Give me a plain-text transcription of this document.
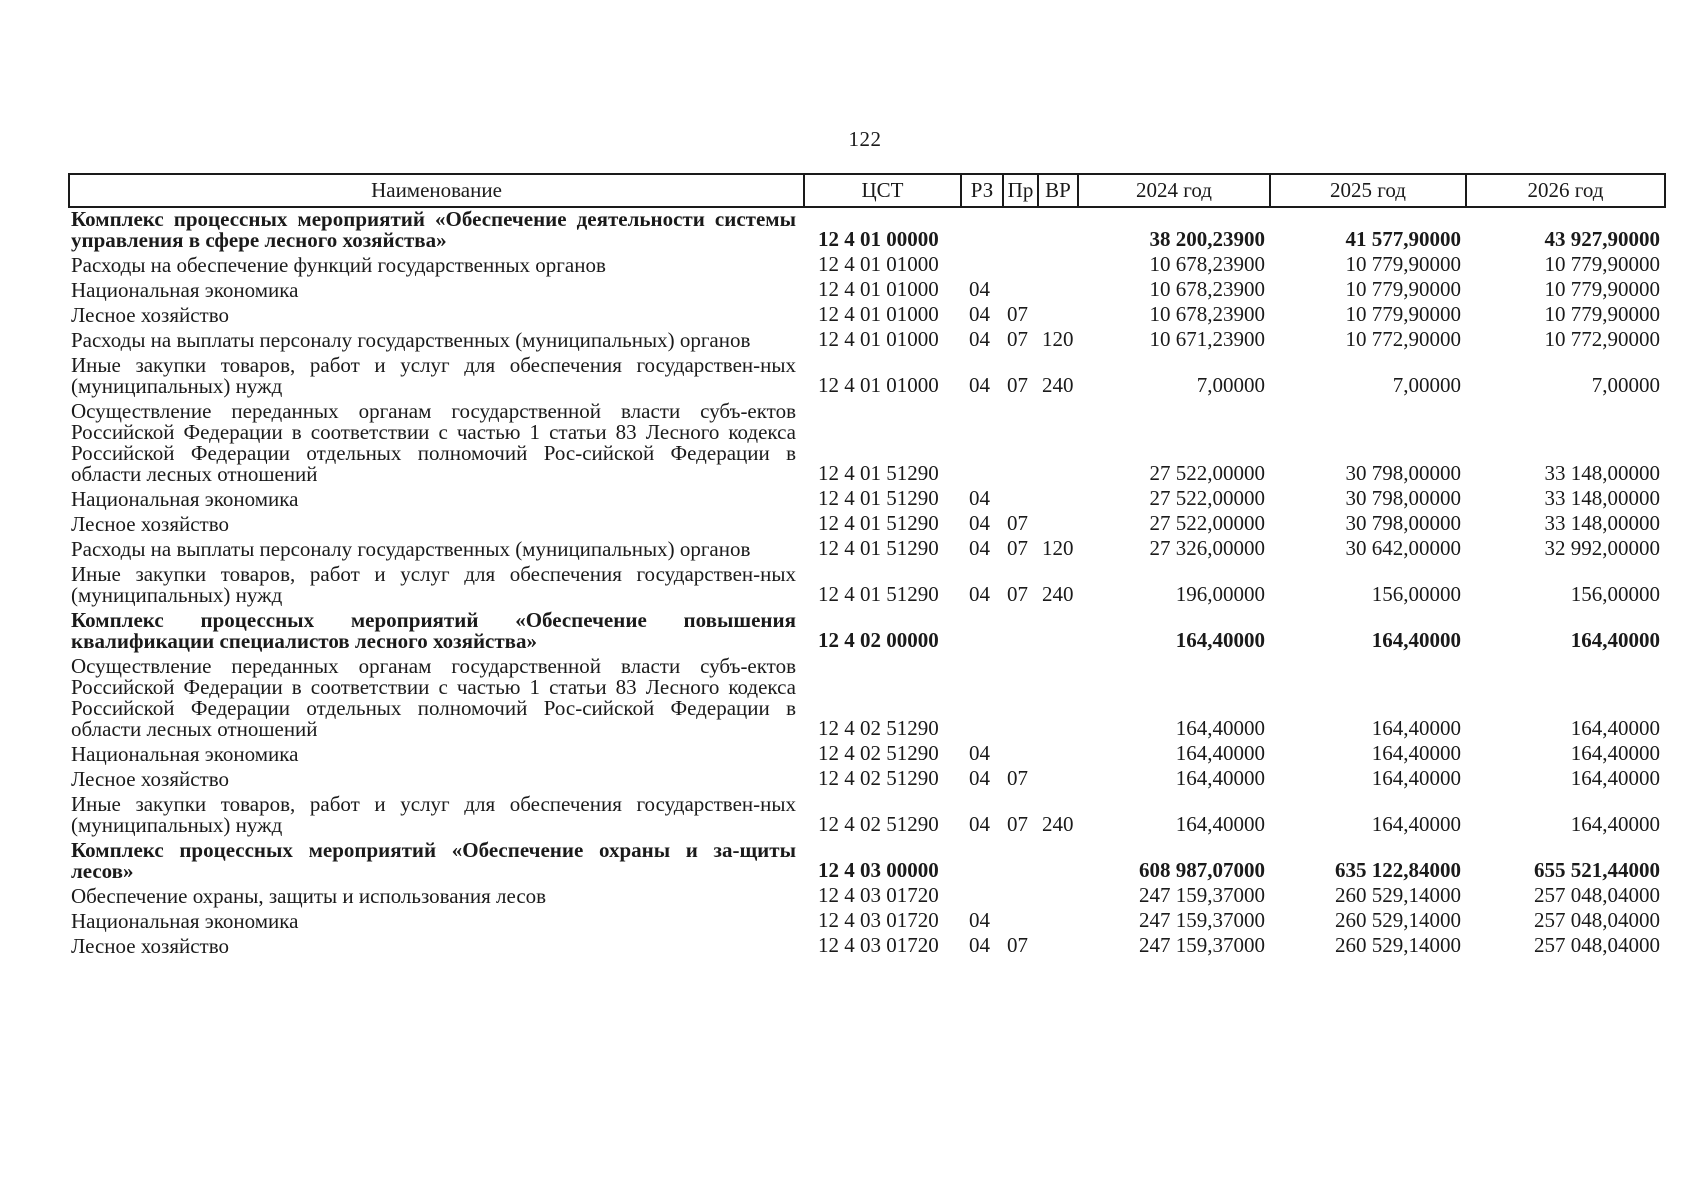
122
Наименование	ЦСТ	РЗ	Пр	ВР	2024 год	2025 год	2026 год
Комплекс процессных мероприятий «Обеспечение деятельности системы управления в сфере лесного хозяйства»	12 4 01 00000				38 200,23900	41 577,90000	43 927,90000
Расходы на обеспечение функций государственных органов	12 4 01 01000				10 678,23900	10 779,90000	10 779,90000
Национальная экономика	12 4 01 01000	04			10 678,23900	10 779,90000	10 779,90000
Лесное хозяйство	12 4 01 01000	04	07		10 678,23900	10 779,90000	10 779,90000
Расходы на выплаты персоналу государственных (муниципальных) органов	12 4 01 01000	04	07	120	10 671,23900	10 772,90000	10 772,90000
Иные закупки товаров, работ и услуг для обеспечения государствен-ных (муниципальных) нужд	12 4 01 01000	04	07	240	7,00000	7,00000	7,00000
Осуществление переданных органам государственной власти субъ-ектов Российской Федерации в соответствии с частью 1 статьи 83 Лесного кодекса Российской Федерации отдельных полномочий Рос-сийской Федерации в области лесных отношений	12 4 01 51290				27 522,00000	30 798,00000	33 148,00000
Национальная экономика	12 4 01 51290	04			27 522,00000	30 798,00000	33 148,00000
Лесное хозяйство	12 4 01 51290	04	07		27 522,00000	30 798,00000	33 148,00000
Расходы на выплаты персоналу государственных (муниципальных) органов	12 4 01 51290	04	07	120	27 326,00000	30 642,00000	32 992,00000
Иные закупки товаров, работ и услуг для обеспечения государствен-ных (муниципальных) нужд	12 4 01 51290	04	07	240	196,00000	156,00000	156,00000
Комплекс процессных мероприятий «Обеспечение повышения квалификации специалистов лесного хозяйства»	12 4 02 00000				164,40000	164,40000	164,40000
Осуществление переданных органам государственной власти субъ-ектов Российской Федерации в соответствии с частью 1 статьи 83 Лесного кодекса Российской Федерации отдельных полномочий Рос-сийской Федерации в области лесных отношений	12 4 02 51290				164,40000	164,40000	164,40000
Национальная экономика	12 4 02 51290	04			164,40000	164,40000	164,40000
Лесное хозяйство	12 4 02 51290	04	07		164,40000	164,40000	164,40000
Иные закупки товаров, работ и услуг для обеспечения государствен-ных (муниципальных) нужд	12 4 02 51290	04	07	240	164,40000	164,40000	164,40000
Комплекс процессных мероприятий «Обеспечение охраны и за-щиты лесов»	12 4 03 00000				608 987,07000	635 122,84000	655 521,44000
Обеспечение охраны, защиты и использования лесов	12 4 03 01720				247 159,37000	260 529,14000	257 048,04000
Национальная экономика	12 4 03 01720	04			247 159,37000	260 529,14000	257 048,04000
Лесное хозяйство	12 4 03 01720	04	07		247 159,37000	260 529,14000	257 048,04000
